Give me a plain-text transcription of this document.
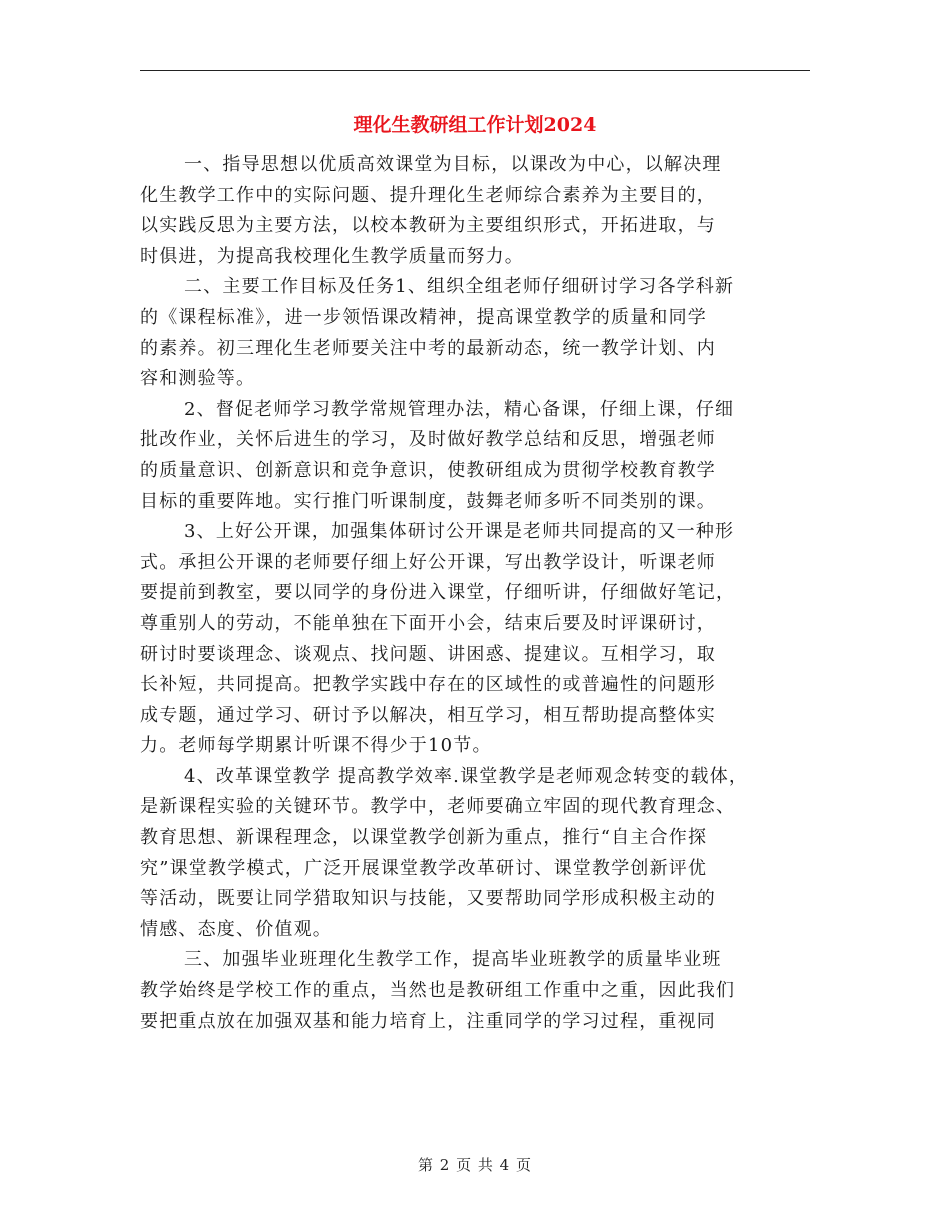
理化生教研组工作计划2024

一、指导思想以优质高效课堂为目标，以课改为中心，以解决理
化生教学工作中的实际问题、提升理化生老师综合素养为主要目的，
以实践反思为主要方法，以校本教研为主要组织形式，开拓进取，与
时俱进，为提高我校理化生教学质量而努力。

二、主要工作目标及任务1、组织全组老师仔细研讨学习各学科新
的《课程标准》，进一步领悟课改精神，提高课堂教学的质量和同学
的素养。初三理化生老师要关注中考的最新动态，统一教学计划、内
容和测验等。

2、督促老师学习教学常规管理办法，精心备课，仔细上课，仔细
批改作业，关怀后进生的学习，及时做好教学总结和反思，增强老师
的质量意识、创新意识和竞争意识，使教研组成为贯彻学校教育教学
目标的重要阵地。实行推门听课制度，鼓舞老师多听不同类别的课。

3、上好公开课，加强集体研讨公开课是老师共同提高的又一种形
式。承担公开课的老师要仔细上好公开课，写出教学设计，听课老师
要提前到教室，要以同学的身份进入课堂，仔细听讲，仔细做好笔记，
尊重别人的劳动，不能单独在下面开小会，结束后要及时评课研讨，
研讨时要谈理念、谈观点、找问题、讲困惑、提建议。互相学习，取
长补短，共同提高。把教学实践中存在的区域性的或普遍性的问题形
成专题，通过学习、研讨予以解决，相互学习，相互帮助提高整体实
力。老师每学期累计听课不得少于10节。

4、改革课堂教学 提高教学效率.课堂教学是老师观念转变的载体，
是新课程实验的关键环节。教学中，老师要确立牢固的现代教育理念、
教育思想、新课程理念，以课堂教学创新为重点，推行“自主合作探
究”课堂教学模式，广泛开展课堂教学改革研讨、课堂教学创新评优
等活动，既要让同学猎取知识与技能，又要帮助同学形成积极主动的
情感、态度、价值观。

三、加强毕业班理化生教学工作，提高毕业班教学的质量毕业班
教学始终是学校工作的重点，当然也是教研组工作重中之重，因此我们
要把重点放在加强双基和能力培育上，注重同学的学习过程，重视同

第 2 页 共 4 页
